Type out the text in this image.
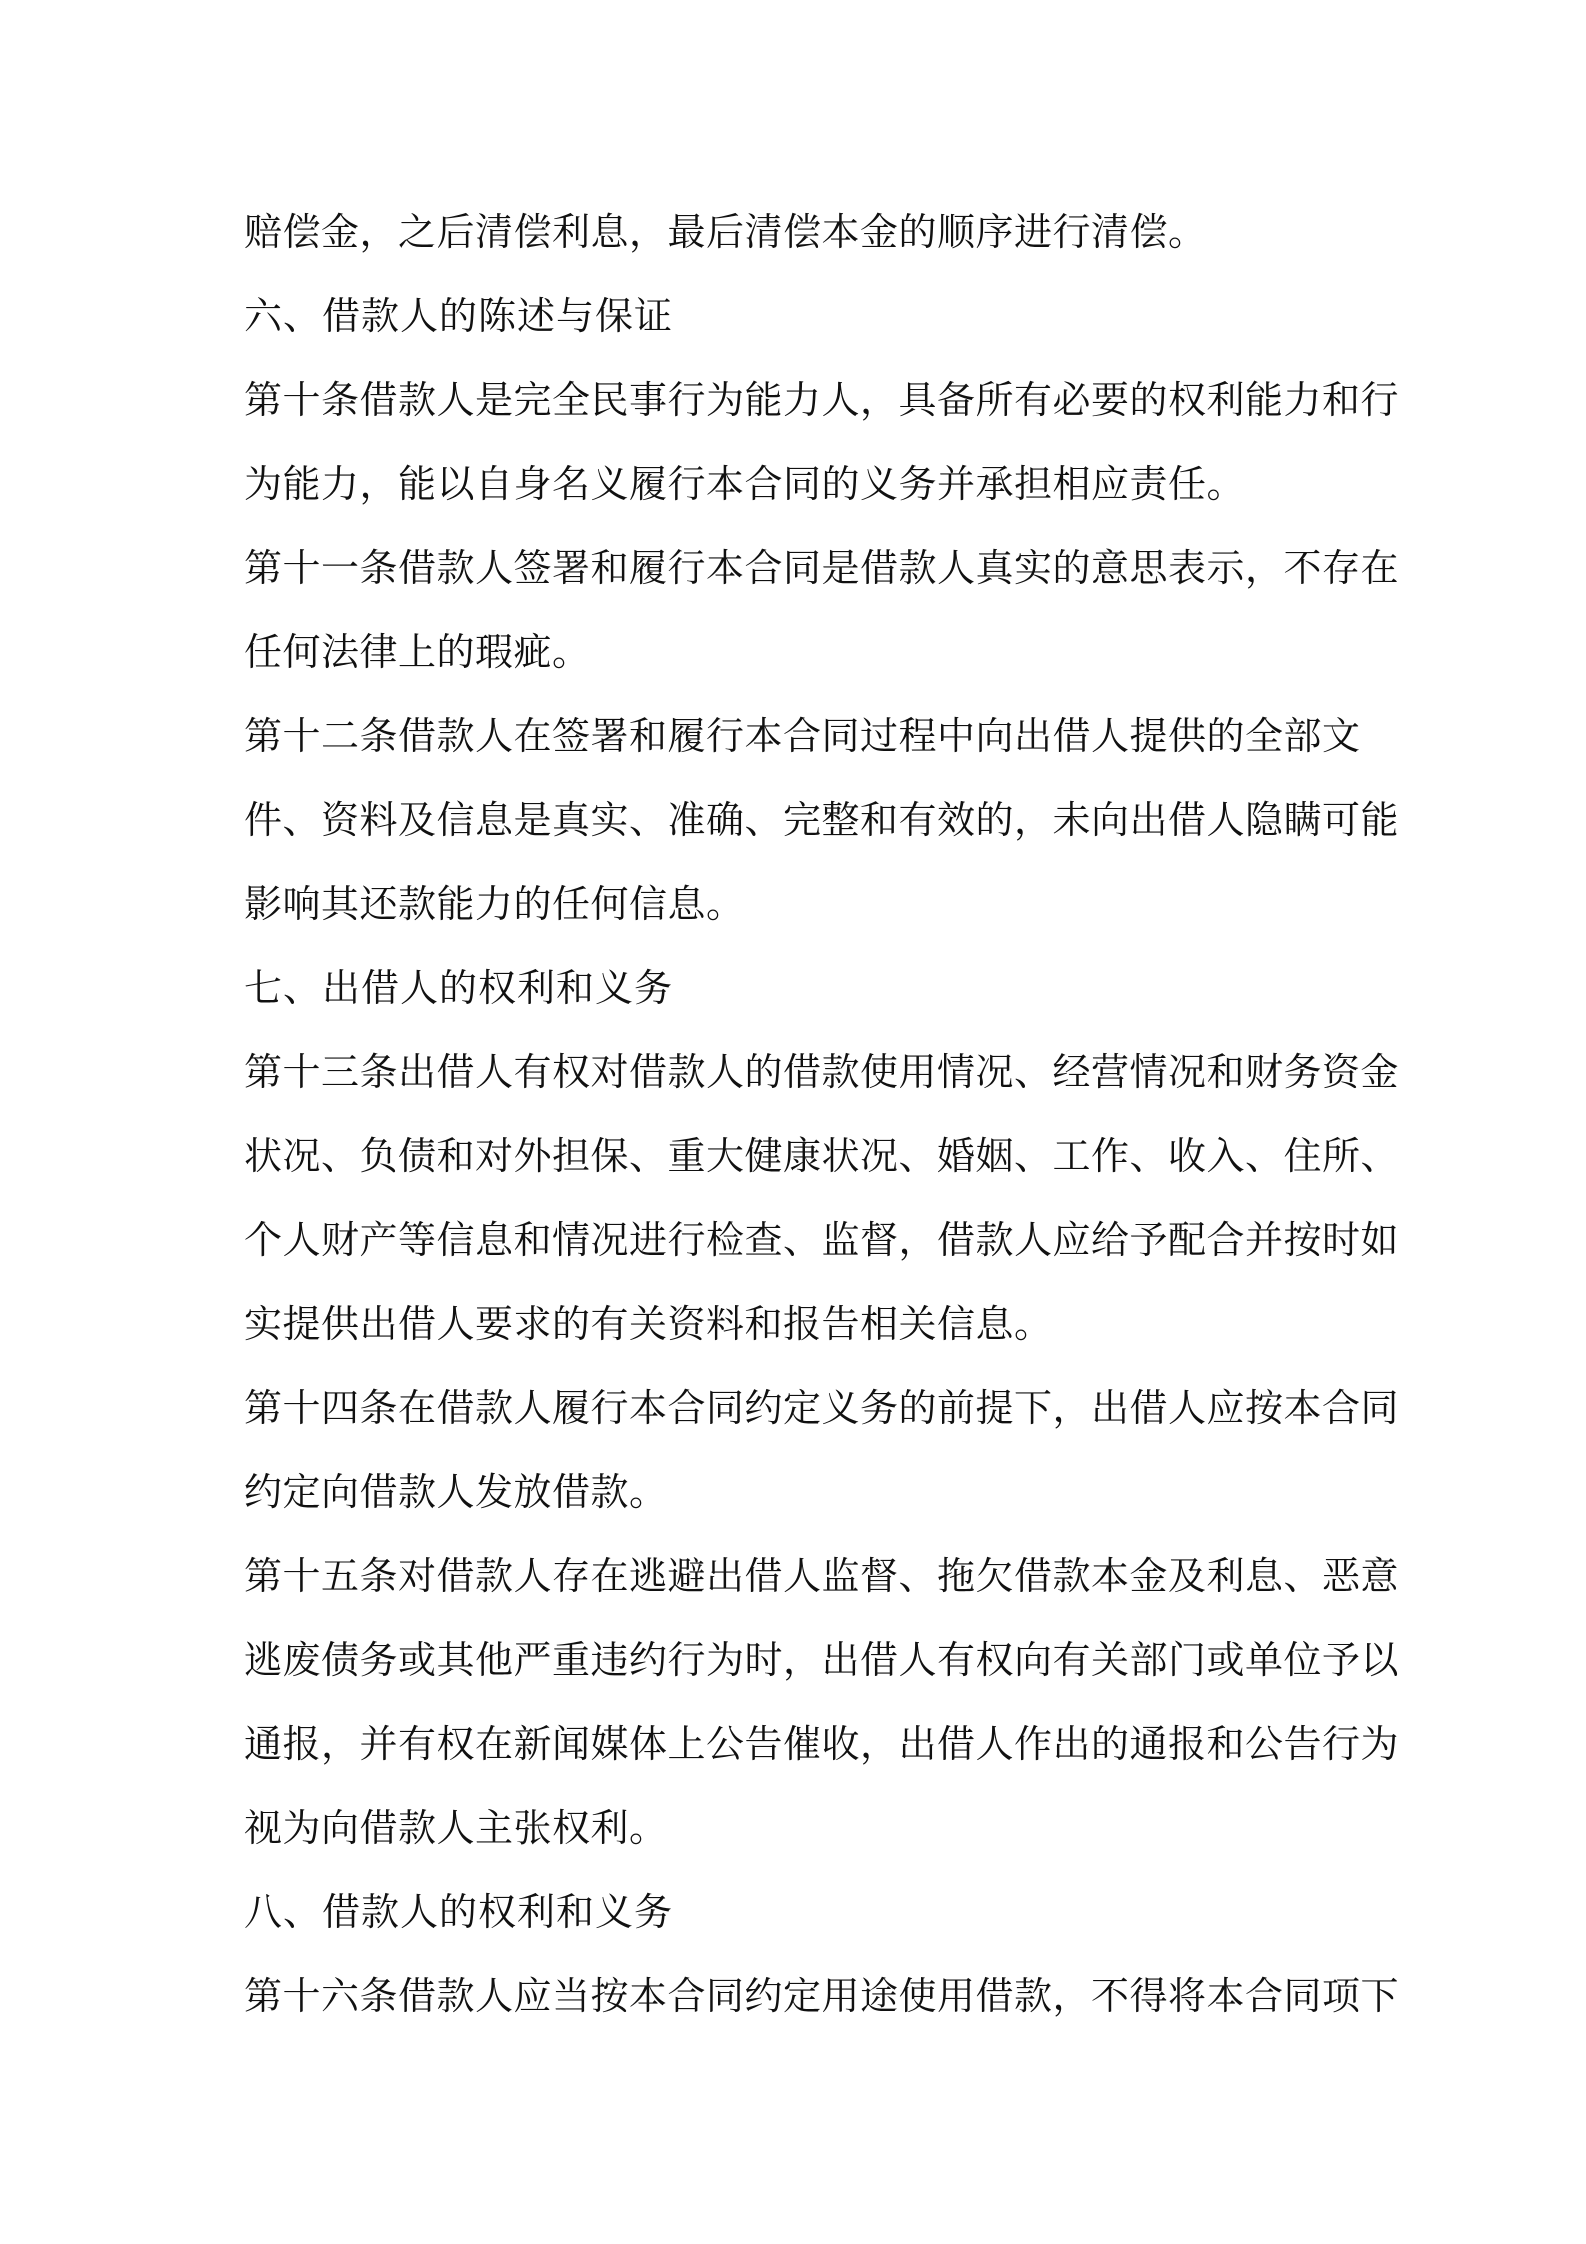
赔偿金，之后清偿利息，最后清偿本金的顺序进行清偿。
六、借款人的陈述与保证
第十条借款人是完全民事行为能力人，具备所有必要的权利能力和行
为能力，能以自身名义履行本合同的义务并承担相应责任。
第十一条借款人签署和履行本合同是借款人真实的意思表示，不存在
任何法律上的瑕疵。
第十二条借款人在签署和履行本合同过程中向出借人提供的全部文
件、资料及信息是真实、准确、完整和有效的，未向出借人隐瞒可能
影响其还款能力的任何信息。
七、出借人的权利和义务
第十三条出借人有权对借款人的借款使用情况、经营情况和财务资金
状况、负债和对外担保、重大健康状况、婚姻、工作、收入、住所、
个人财产等信息和情况进行检查、监督，借款人应给予配合并按时如
实提供出借人要求的有关资料和报告相关信息。
第十四条在借款人履行本合同约定义务的前提下，出借人应按本合同
约定向借款人发放借款。
第十五条对借款人存在逃避出借人监督、拖欠借款本金及利息、恶意
逃废债务或其他严重违约行为时，出借人有权向有关部门或单位予以
通报，并有权在新闻媒体上公告催收，出借人作出的通报和公告行为
视为向借款人主张权利。
八、借款人的权利和义务
第十六条借款人应当按本合同约定用途使用借款，不得将本合同项下
